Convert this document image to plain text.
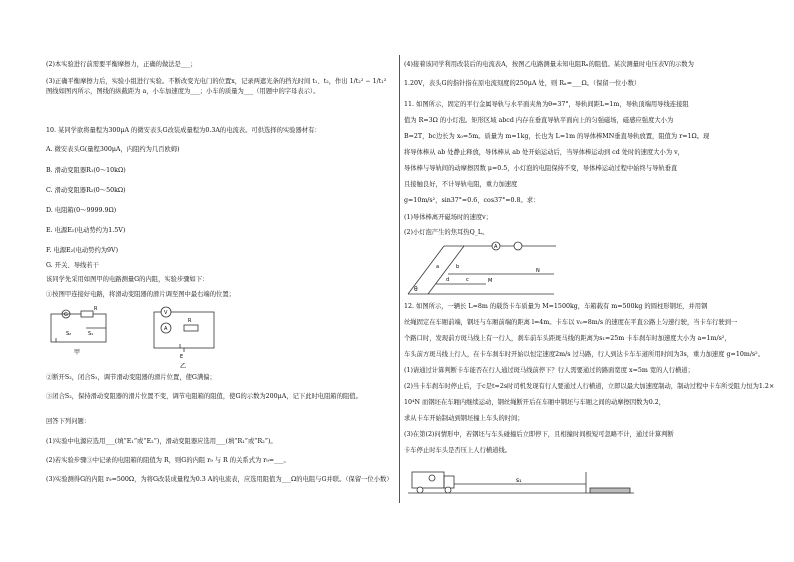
(2)本实验进行前需要平衡摩擦力，正确的做法是___；
(3)正确平衡摩擦力后，实验小组进行实验。不断改变光电门的位置x，记录两遮光条的挡光时间 t₁、t₂，作出 1/t₂² − 1/t₁² 图线如图丙所示，图线的纵截距为 a，小车加速度为___；小车的质量为___（用题中的字母表示）。
10. 某同学欲将量程为300μA 的微安表头G改装成量程为0.3A的电流表。可供选择的实验器材有：
A. 微安表头G(量程300μA，内阻约为几百欧姆)
B. 滑动变阻器R₁(0～10kΩ)
C. 滑动变阻器R₂(0～50kΩ)
D. 电阻箱(0～9999.9Ω)
E. 电源E₁(电动势约为1.5V)
F. 电源E₂(电动势约为9V)
G. 开关、导线若干
该同学先采用如图甲的电路测量G的内阻，实验步骤如下：
①按图甲连接好电路，将滑动变阻器的滑片调至图中最右端的位置；
G
R
S₁
S₂
甲
V
A
R
E
乙
②断开S₂，闭合S₁，调节滑动变阻器的滑片位置，使G满偏；
③闭合S₂，保持滑动变阻器的滑片位置不变，调节电阻箱的阻值，使G的示数为200μA，记下此时电阻箱的阻值。
回答下列问题：
(1)实验中电源应选用___(填“E₁”或“E₂”)，滑动变阻器应选用___(填“R₁”或“R₂”)。
(2)若实验步骤③中记录的电阻箱的阻值为 R，则G的内阻 r₉ 与 R 的关系式为 r₉=___。
(3)实验测得G的内阻 r₉=500Ω，为将G改装成量程为0.3 A的电流表，应选用阻值为___Ω的电阻与G并联。（保留一位小数）
(4)接着该同学利用改装后的电流表A，按图乙电路测量未知电阻Rₓ的阻值。某次测量时电压表V的示数为
1.20V，表头G的指针指在原电流刻度的250μA 处，则 Rₓ=___Ω。（保留一位小数）
11. 如图所示，固定的平行金属导轨与水平面夹角为θ=37°，导轨间距L=1m，导轨顶端用导线连接阻
值为 R=3Ω 的小灯泡。矩形区域 abcd 内存在垂直导轨平面向上的匀强磁场，磁感应强度大小为
B=2T，bc边长为 x₀=5m。质量为 m=1kg，长也为 L=1m 的导体棒MN垂直导轨放置，阻值为 r=1Ω。现
将导体棒从 ab 处静止释放，导体棒从 ab 处开始运动后，当导体棒运动到 cd 处时的速度大小为 v，
导体棒与导轨间的动摩擦因数 μ=0.5，小灯泡的电阻保持不变，导体棒运动过程中始终与导轨垂直
且接触良好，不计导轨电阻，重力加速度
g=10m/s²，sin37°=0.6，cos37°=0.8。求：
(1)导体棒离开磁场时的速度v；
(2)小灯泡产生的焦耳热Q_L。
θ
A
a	b
c
d	M
N
12. 如图所示，一辆长 L=8m 的载货卡车质量为 M=1500kg，车箱载有 m=500kg 的圆柱形钢坯，并用钢
丝绳固定在车厢前端，钢坯与车厢前端的距离 l=4m。卡车以 v₀=8m/s 的速度在平直公路上匀速行驶，当卡车行驶到一
个路口时，发现前方斑马线上有一行人，刹车前车头距斑马线的距离为s₁=25m 卡车刹车时加速度大小为 a=1m/s²，
车头前方斑马线上行人，在卡车刹车时开始以恒定速度2m/s 过马路，行人到达卡车车道所用时间为3s，重力加速度 g=10m/s²。
(1)请通过计算判断卡车能否在行人通过斑马线前停下？行人需要通过的路面宽度 x=5m 宽的人行横道；
(2)当卡车刹车时停止后，于c是t=2s时司机发现有行人要通过人行横道，立即以最大加速度制动，制动过程中卡车所受阻力恒为1.2×
10⁴N 而钢坯在车厢内继续运动，钢丝绳断开后在车厢中钢坯与车厢之间的动摩擦因数为0.2，
求从卡车开始制动到钢坯撞上车头的时间；
(3)在第(2)问情形中，若钢坯与车头碰撞后立即停下，且相撞时间极短可忽略不计，通过计算判断
卡车停止时车头是否压上人行横道线。
s₁
